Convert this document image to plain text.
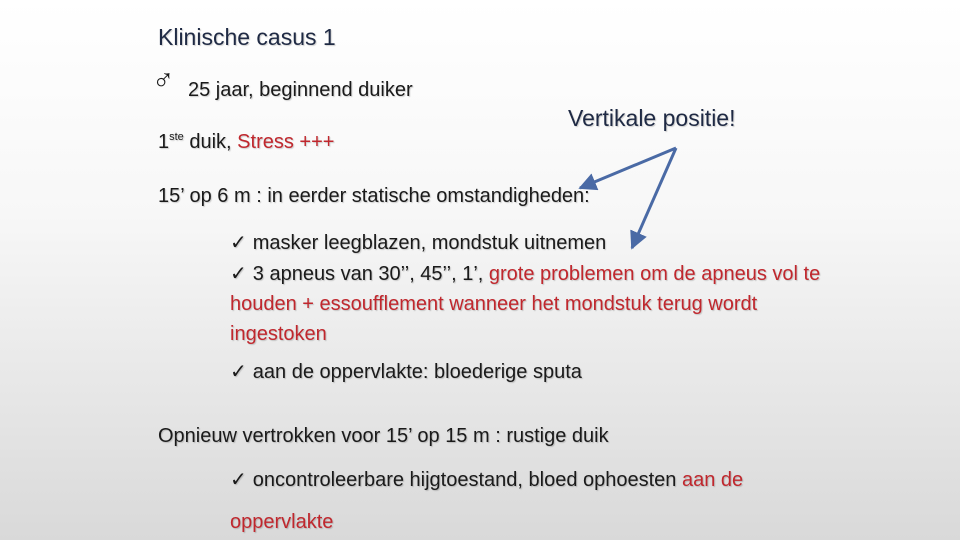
Klinische casus 1
♂ 25 jaar, beginnend duiker
1ste duik, Stress +++
Vertikale positie!
15’ op 6 m : in eerder statische omstandigheden:
✓ masker leegblazen, mondstuk uitnemen
✓ 3 apneus van 30’’, 45’’, 1’, grote problemen om de apneus vol te houden + essoufflement wanneer het mondstuk terug wordt ingestoken
✓ aan de oppervlakte: bloederige sputa
Opnieuw vertrokken voor 15’ op 15 m : rustige duik
✓ oncontroleerbare hijgtoestand, bloed ophoesten aan de
oppervlakte
